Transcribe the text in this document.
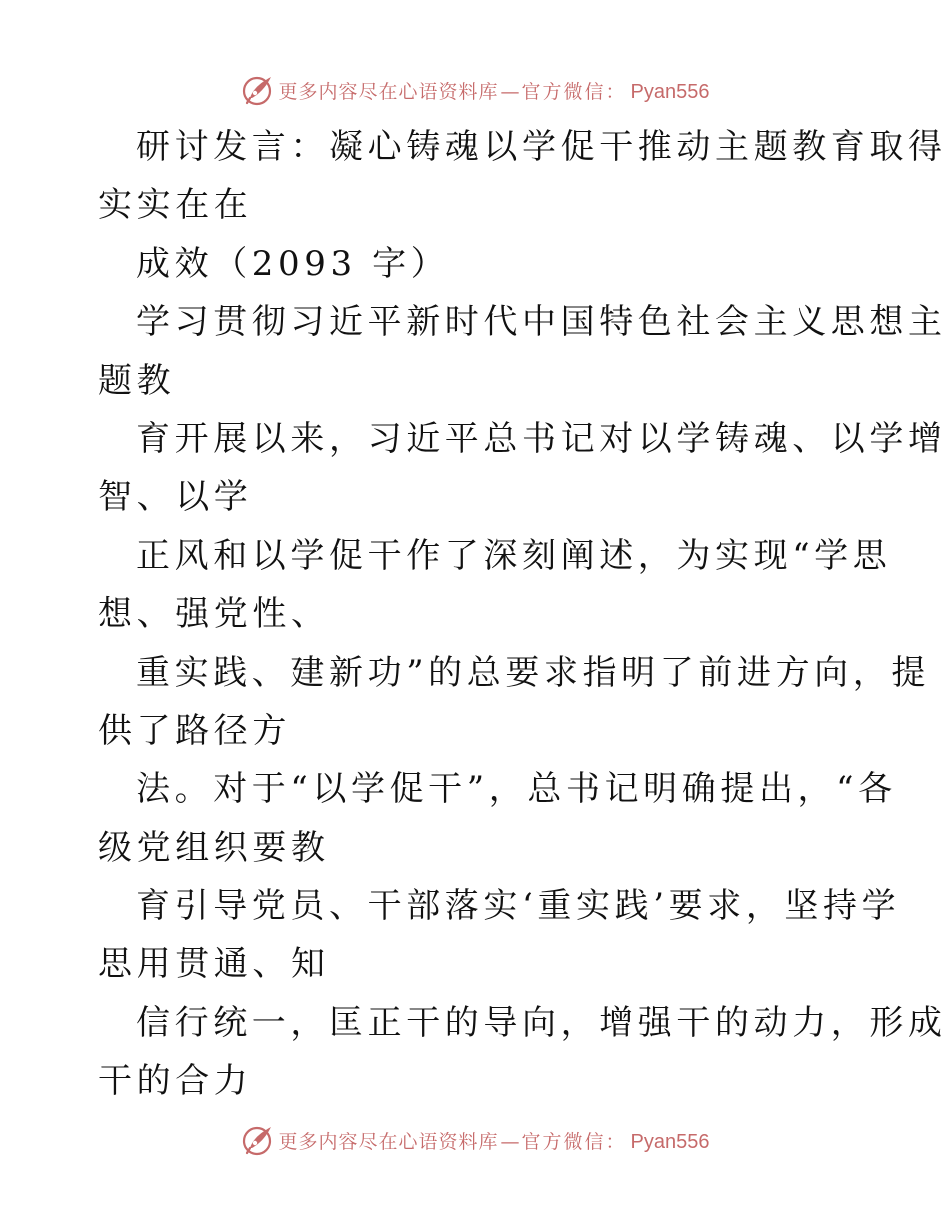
更多内容尽在心语资料库 — 官方微信： Pyan556
研讨发言：凝心铸魂以学促干推动主题教育取得
实实在在
成效（2093 字）
学习贯彻习近平新时代中国特色社会主义思想主
题教
育开展以来，习近平总书记对以学铸魂、以学增
智、以学
正风和以学促干作了深刻阐述，为实现“学思
想、强党性、
重实践、建新功”的总要求指明了前进方向，提
供了路径方
法。对于“以学促干”，总书记明确提出，“各
级党组织要教
育引导党员、干部落实‘重实践’要求，坚持学
思用贯通、知
信行统一，匡正干的导向，增强干的动力，形成
干的合力
更多内容尽在心语资料库 — 官方微信： Pyan556
